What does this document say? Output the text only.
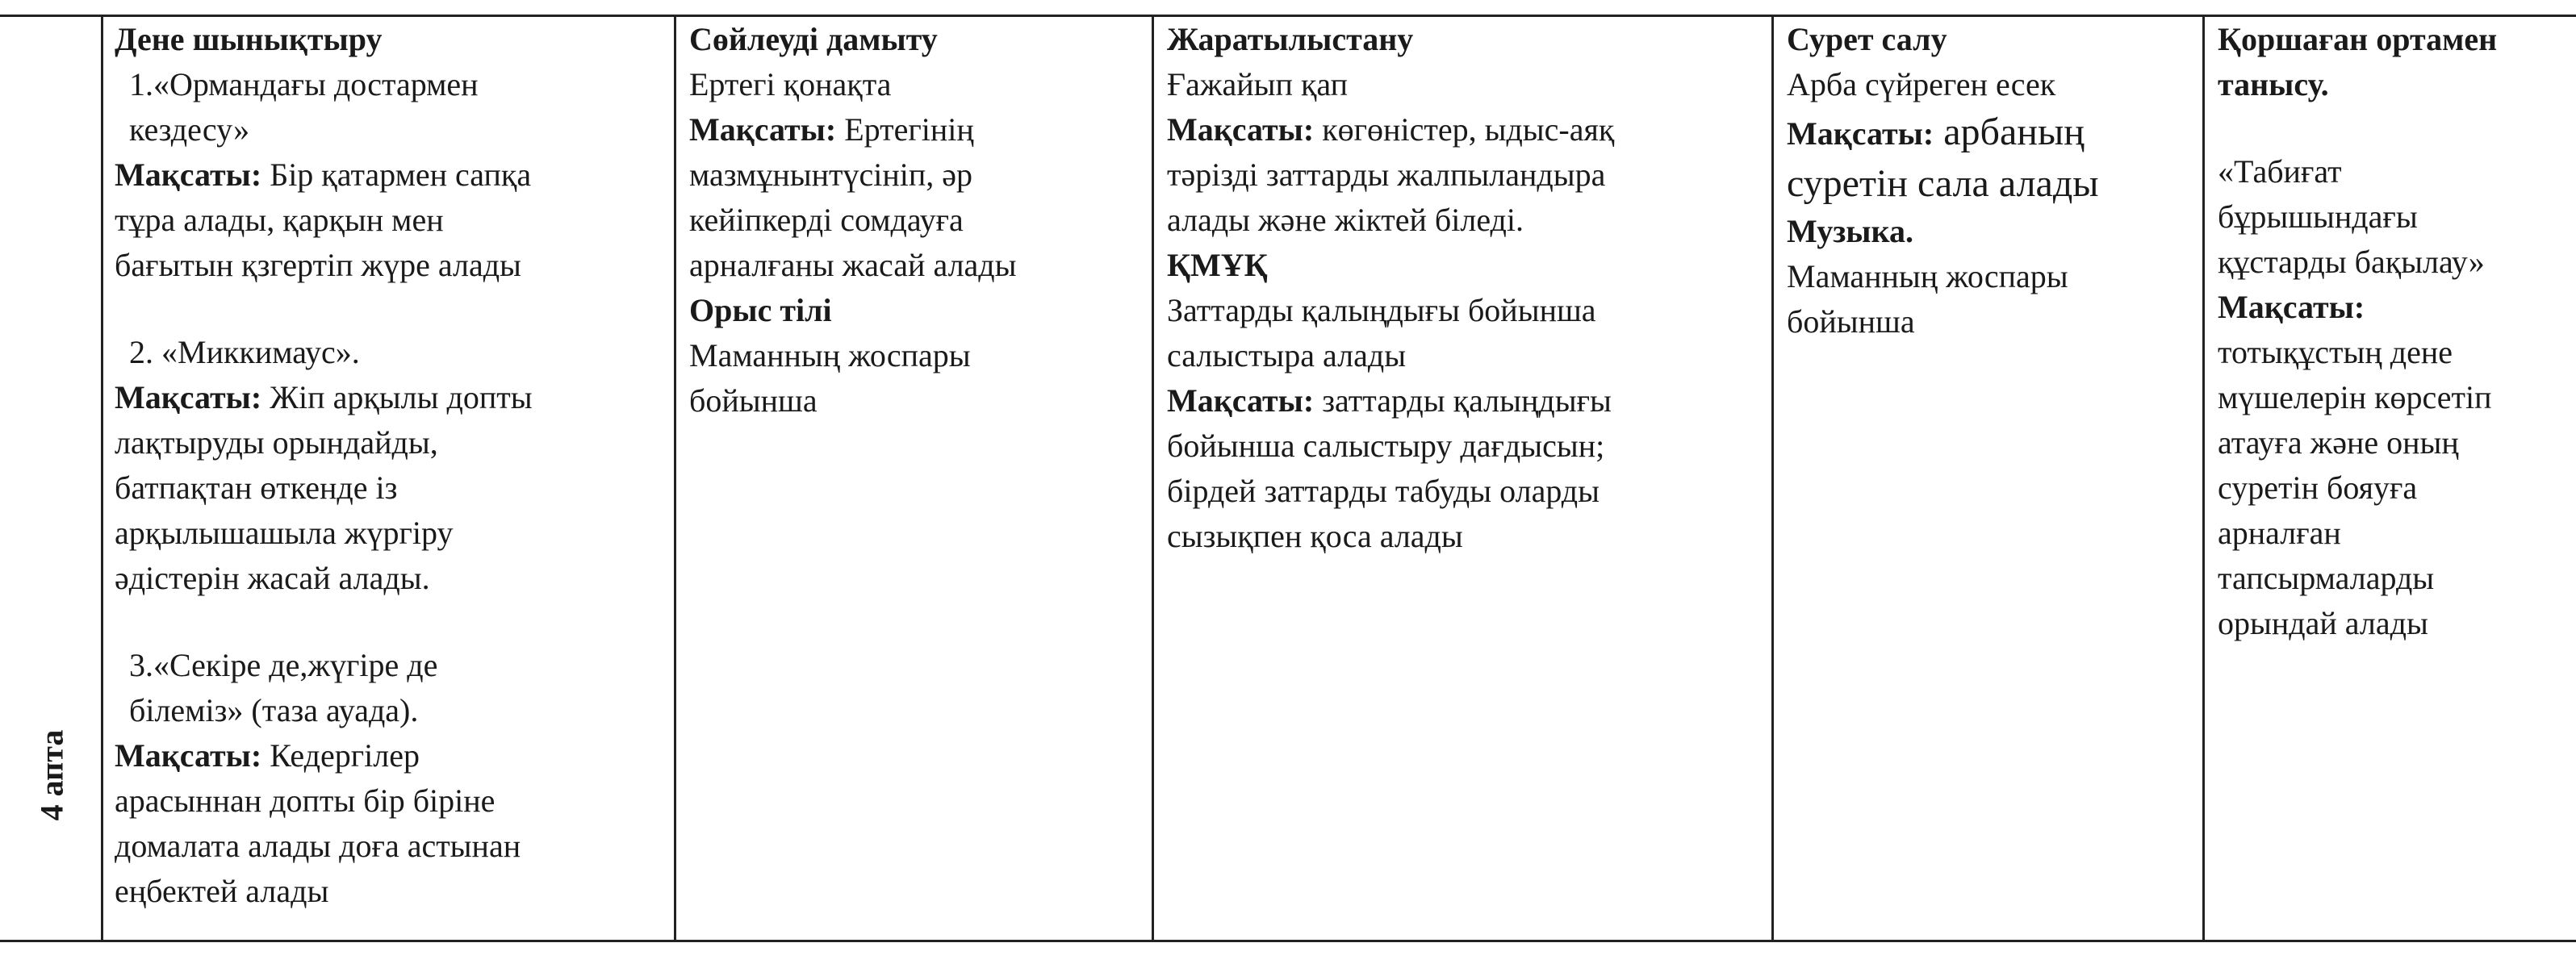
4 апта

Дене шынықтыру

1.«Ормандағы достармен

кездесу»

Мақсаты: Бір қатармен сапқа

тұра алады, қарқын мен

бағытын қзгертіп жүре алады

2. «Миккимаус».

Мақсаты: Жіп арқылы допты

лақтыруды орындайды,

батпақтан өткенде із

арқылышашыла жүргіру

әдістерін жасай алады.

3.«Секіре де,жүгіре де

білеміз» (таза ауада).

Мақсаты: Кедергілер

арасыннан допты бір біріне

домалата алады доға астынан

еңбектей алады

Сөйлеуді дамыту

Ертегі қонақта

Мақсаты: Ертегінің

мазмұнынтүсініп, әр

кейіпкерді сомдауға

арналғаны жасай алады

Орыс тілі

Маманның жоспары

бойынша

Жаратылыстану

Ғажайып қап

Мақсаты: көгөністер, ыдыс-аяқ

тәрізді заттарды жалпыландыра

алады және жіктей біледі.

ҚМҰҚ

Заттарды қалыңдығы бойынша

салыстыра алады

Мақсаты: заттарды қалыңдығы

бойынша салыстыру дағдысын;

бірдей заттарды табуды оларды

сызықпен қоса алады

Сурет салу

Арба сүйреген есек

Мақсаты: арбаның

суретін сала алады

Музыка.

Маманның жоспары

бойынша

Қоршаған ортамен

танысу.

«Табиғат

бұрышындағы

құстарды бақылау»

Мақсаты:

тотықұстың дене

мүшелерін көрсетіп

атауға және оның

суретін бояуға

арналған

тапсырмаларды

орындай алады
